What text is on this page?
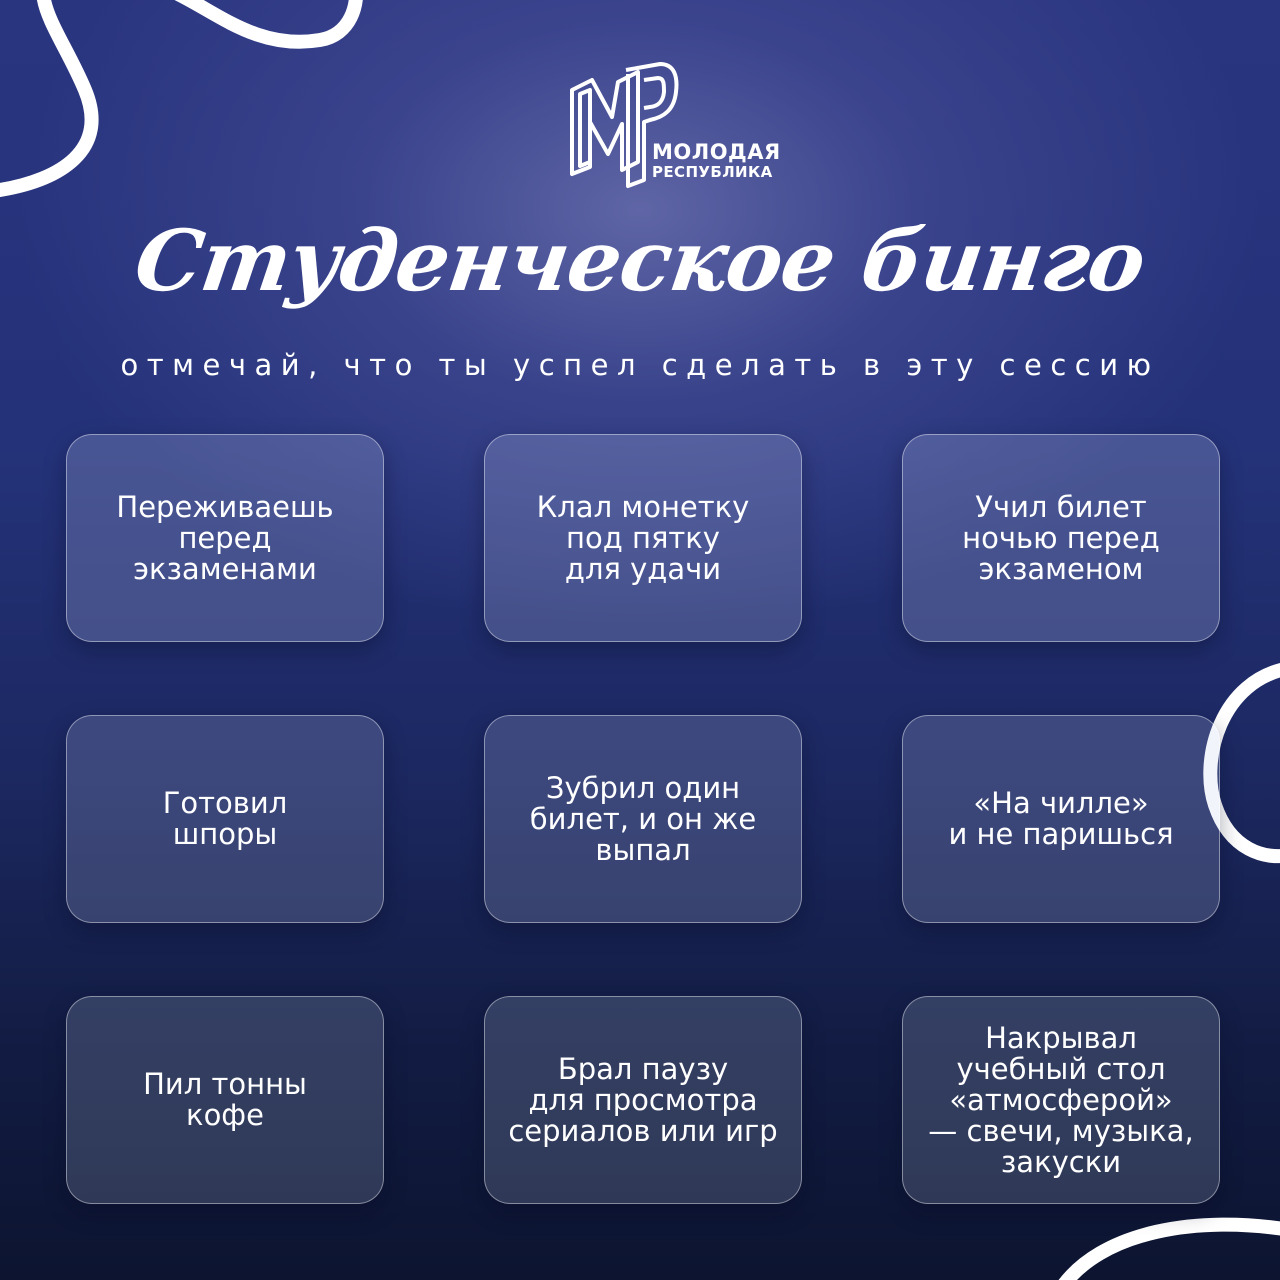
МОЛОДАЯ
РЕСПУБЛИКА
Студенческое бинго
отмечай, что ты успел сделать в эту сессию
Переживаешь
перед
экзаменами
Клал монетку
под пятку
для удачи
Учил билет
ночью перед
экзаменом
Готовил
шпоры
Зубрил один
билет, и он же
выпал
«На чилле»
и не паришься
Пил тонны
кофе
Брал паузу
для просмотра
сериалов или игр
Накрывал
учебный стол
«атмосферой»
— свечи, музыка,
закуски
